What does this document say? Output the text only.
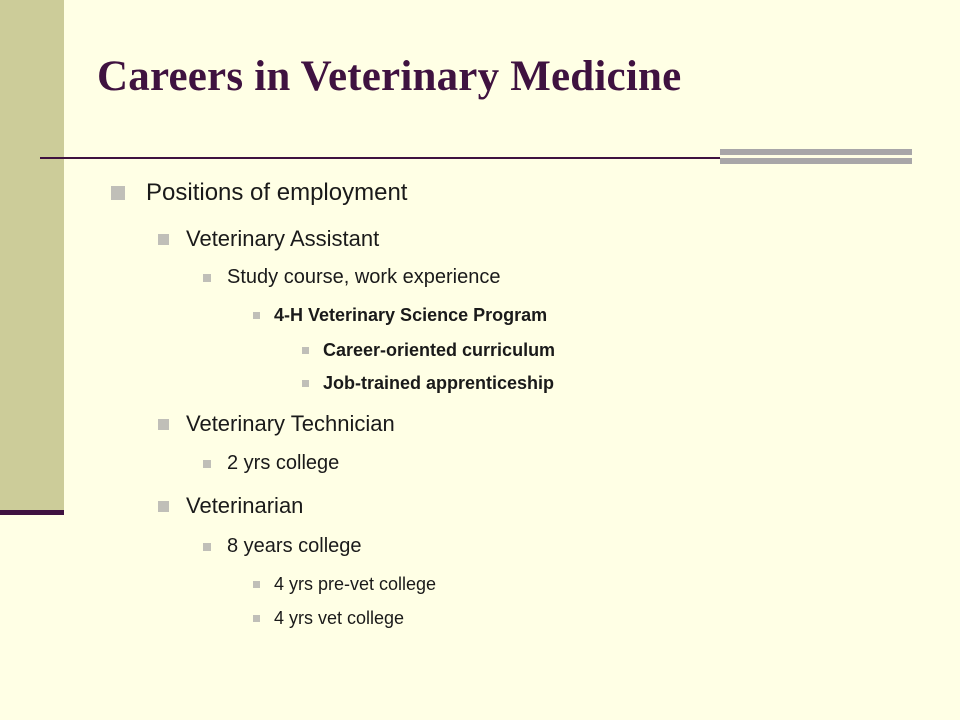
Careers in Veterinary Medicine
Positions of employment
Veterinary Assistant
Study course, work experience
4-H Veterinary Science Program
Career-oriented curriculum
Job-trained apprenticeship
Veterinary Technician
2 yrs college
Veterinarian
8 years college
4 yrs pre-vet college
4 yrs vet college
